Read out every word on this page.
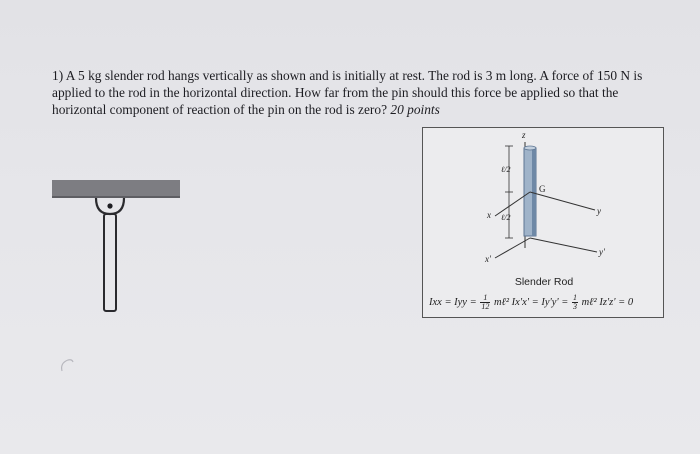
1) A 5 kg slender rod hangs vertically as shown and is initially at rest. The rod is 3 m long. A force of 150 N is applied to the rod in the horizontal direction. How far from the pin should this force be applied so that the horizontal component of reaction of the pin on the rod is zero? 20 points

z
ℓ/2
ℓ/2
G
y
x
y'
x'
Slender Rod
Ixx = Iyy = $\frac{1}{12}$ mℓ² $Ix'x' = Iy'y' = \frac{1}{3}$ mℓ² Iz'z' = 0
